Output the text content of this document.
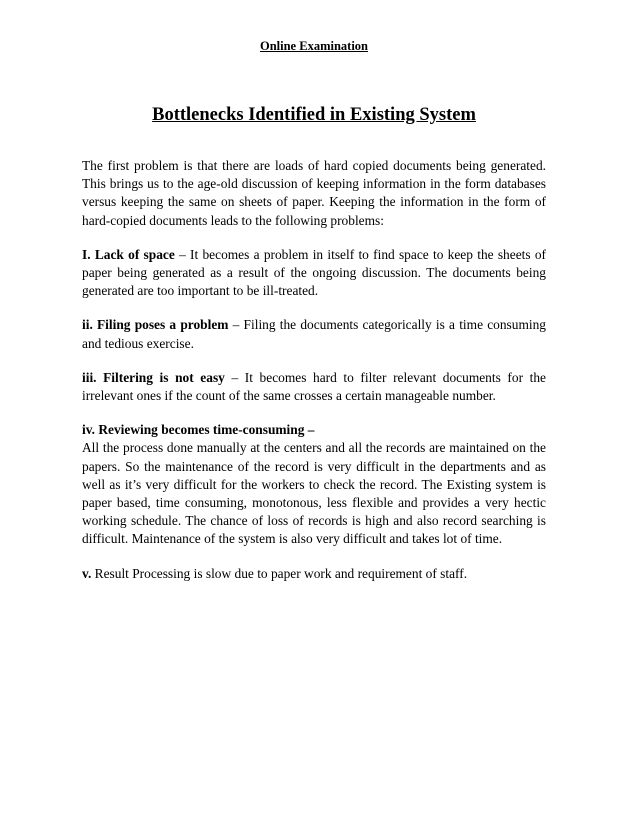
Online Examination
Bottlenecks Identified in Existing System

The first problem is that there are loads of hard copied documents being generated. This brings us to the age-old discussion of keeping information in the form databases versus keeping the same on sheets of paper. Keeping the information in the form of hard-copied documents leads to the following problems:

I. Lack of space – It becomes a problem in itself to find space to keep the sheets of paper being generated as a result of the ongoing discussion. The documents being generated are too important to be ill-treated.

ii. Filing poses a problem – Filing the documents categorically is a time consuming and tedious exercise.

iii. Filtering is not easy – It becomes hard to filter relevant documents for the irrelevant ones if the count of the same crosses a certain manageable number.

iv. Reviewing becomes time-consuming –
All the process done manually at the centers and all the records are maintained on the papers. So the maintenance of the record is very difficult in the departments and as well as it’s very difficult for the workers to check the record. The Existing system is paper based, time consuming, monotonous, less flexible and provides a very hectic working schedule. The chance of loss of records is high and also record searching is difficult. Maintenance of the system is also very difficult and takes lot of time.

v. Result Processing is slow due to paper work and requirement of staff.
